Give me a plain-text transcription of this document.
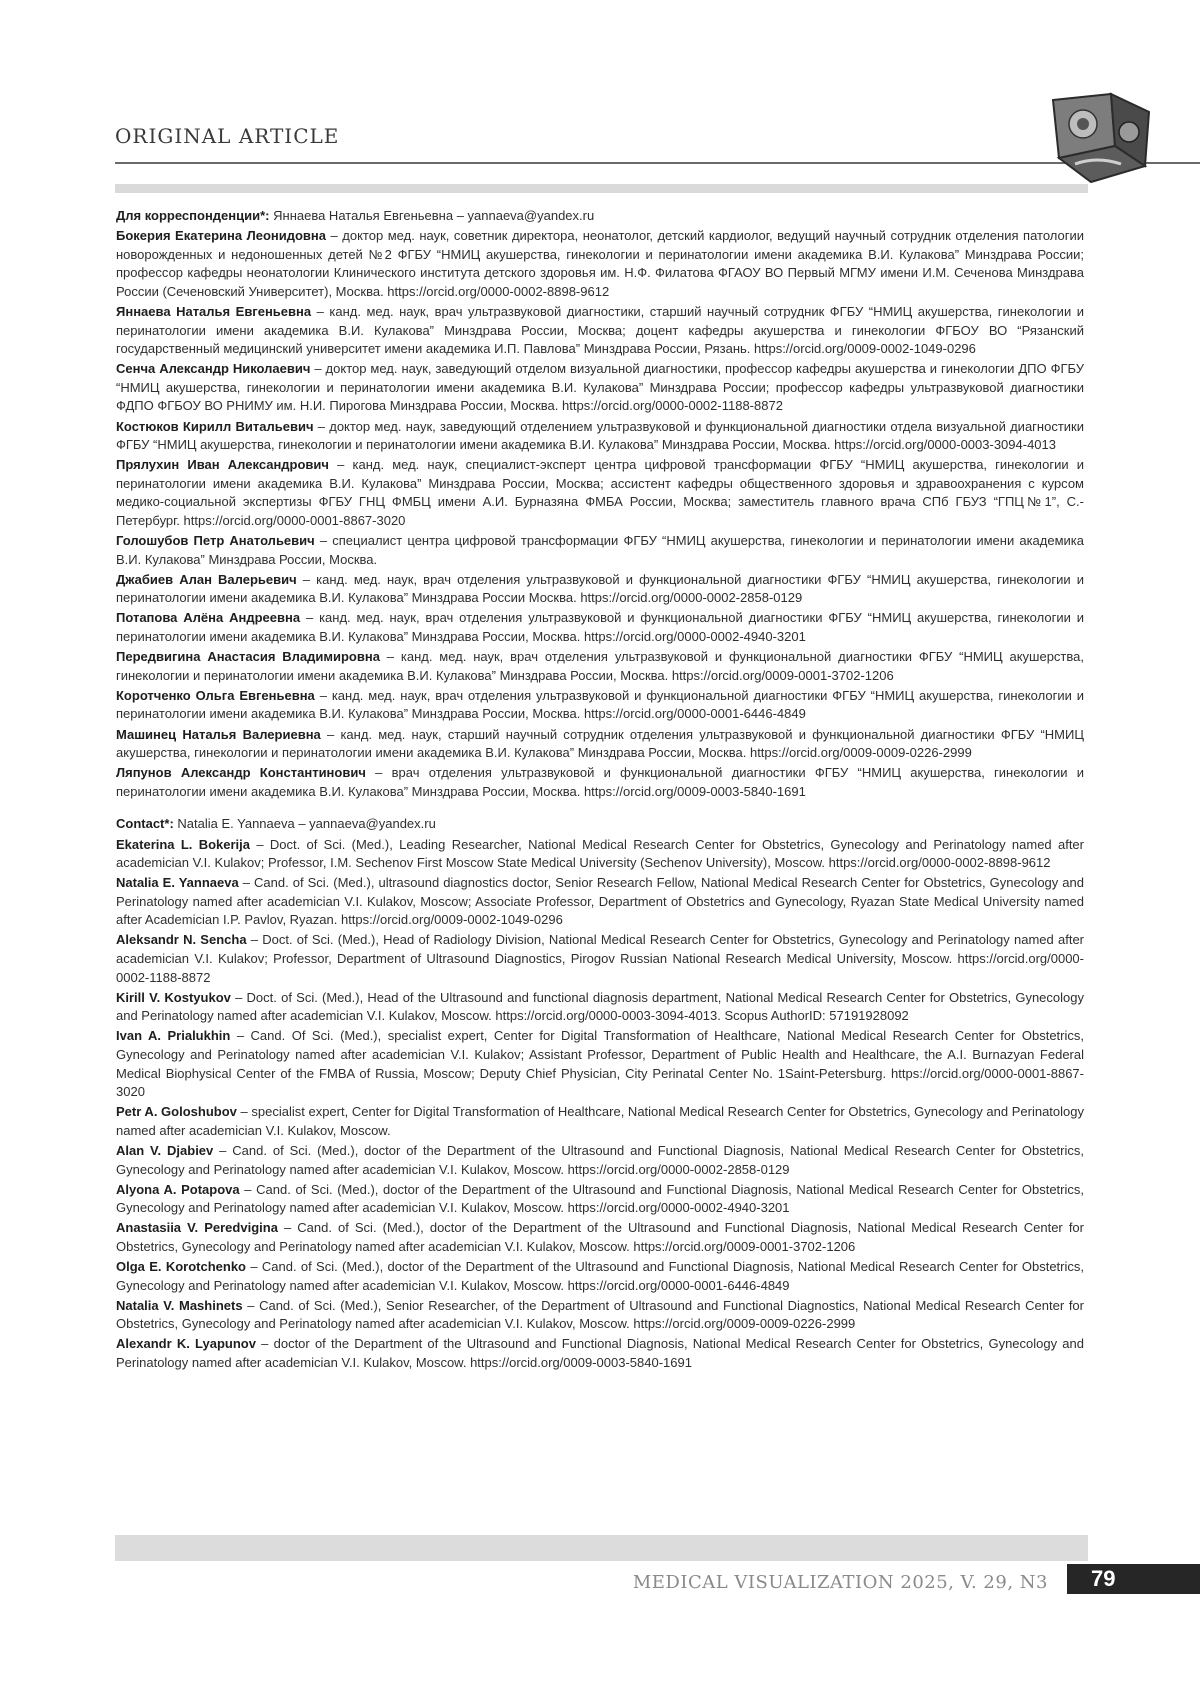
ORIGINAL ARTICLE

Для корреспонденции*: Яннаева Наталья Евгеньевна – yannaeva@yandex.ru

Бокерия Екатерина Леонидовна – доктор мед. наук, советник директора, неонатолог, детский кардиолог, ведущий научный сотрудник отделения патологии новорожденных и недоношенных детей №2 ФГБУ “НМИЦ акушерства, гинекологии и перинатологии имени академика В.И. Кулакова” Минздрава России; профессор кафедры неонатологии Клинического института детского здоровья им. Н.Ф. Филатова ФГАОУ ВО Первый МГМУ имени И.М. Сеченова Минздрава России (Сеченовский Университет), Москва. https://orcid.org/0000-0002-8898-9612

Яннаева Наталья Евгеньевна – канд. мед. наук, врач ультразвуковой диагностики, старший научный сотрудник ФГБУ “НМИЦ акушерства, гинекологии и перинатологии имени академика В.И. Кулакова” Минздрава России, Москва; доцент кафедры акушерства и гинекологии ФГБОУ ВО “Рязанский государственный медицинский университет имени академика И.П. Павлова” Минздрава России, Рязань. https://orcid.org/0009-0002-1049-0296

Сенча Александр Николаевич – доктор мед. наук, заведующий отделом визуальной диагностики, профессор кафедры акушерства и гинекологии ДПО ФГБУ “НМИЦ акушерства, гинекологии и перинатологии имени академика В.И. Кулакова” Минздрава России; профессор кафедры ультразвуковой диагностики ФДПО ФГБОУ ВО РНИМУ им. Н.И. Пирогова Минздрава России, Москва. https://orcid.org/0000-0002-1188-8872

Костюков Кирилл Витальевич – доктор мед. наук, заведующий отделением ультразвуковой и функциональной диагностики отдела визуальной диагностики ФГБУ “НМИЦ акушерства, гинекологии и перинатологии имени академика В.И. Кулакова” Минздрава России, Москва. https://orcid.org/0000-0003-3094-4013

Прялухин Иван Александрович – канд. мед. наук, специалист-эксперт центра цифровой трансформации ФГБУ “НМИЦ акушерства, гинекологии и перинатологии имени академика В.И. Кулакова” Минздрава России, Москва; ассистент кафедры общественного здоровья и здравоохранения с курсом медико-социальной экспертизы ФГБУ ГНЦ ФМБЦ имени А.И. Бурназяна ФМБА России, Москва; заместитель главного врача СПб ГБУЗ “ГПЦ№1”, С.-Петербург. https://orcid.org/0000-0001-8867-3020

Голошубов Петр Анатольевич – специалист центра цифровой трансформации ФГБУ “НМИЦ акушерства, гинекологии и перинатологии имени академика В.И. Кулакова” Минздрава России, Москва.

Джабиев Алан Валерьевич – канд. мед. наук, врач отделения ультразвуковой и функциональной диагностики ФГБУ “НМИЦ акушерства, гинекологии и перинатологии имени академика В.И. Кулакова” Минздрава России Москва. https://orcid.org/0000-0002-2858-0129

Потапова Алёна Андреевна – канд. мед. наук, врач отделения ультразвуковой и функциональной диагностики ФГБУ “НМИЦ акушерства, гинекологии и перинатологии имени академика В.И. Кулакова” Минздрава России, Москва. https://orcid.org/0000-0002-4940-3201

Передвигина Анастасия Владимировна – канд. мед. наук, врач отделения ультразвуковой и функциональной диагностики ФГБУ “НМИЦ акушерства, гинекологии и перинатологии имени академика В.И. Кулакова” Минздрава России, Москва. https://orcid.org/0009-0001-3702-1206

Коротченко Ольга Евгеньевна – канд. мед. наук, врач отделения ультразвуковой и функциональной диагностики ФГБУ “НМИЦ акушерства, гинекологии и перинатологии имени академика В.И. Кулакова” Минздрава России, Москва. https://orcid.org/0000-0001-6446-4849

Машинец Наталья Валериевна – канд. мед. наук, старший научный сотрудник отделения ультразвуковой и функциональной диагностики ФГБУ “НМИЦ акушерства, гинекологии и перинатологии имени академика В.И. Кулакова” Минздрава России, Москва. https://orcid.org/0009-0009-0226-2999

Ляпунов Александр Константинович – врач отделения ультразвуковой и функциональной диагностики ФГБУ “НМИЦ акушерства, гинекологии и перинатологии имени академика В.И. Кулакова” Минздрава России, Москва. https://orcid.org/0009-0003-5840-1691

Contact*: Natalia E. Yannaeva – yannaeva@yandex.ru

Ekaterina L. Bokerija – Doct. of Sci. (Med.), Leading Researcher, National Medical Research Center for Obstetrics, Gynecology and Perinatology named after academician V.I. Kulakov; Professor, I.M. Sechenov First Moscow State Medical University (Sechenov University), Moscow. https://orcid.org/0000-0002-8898-9612

Natalia E. Yannaeva – Cand. of Sci. (Med.), ultrasound diagnostics doctor, Senior Research Fellow, National Medical Research Center for Obstetrics, Gynecology and Perinatology named after academician V.I. Kulakov, Moscow; Associate Professor, Department of Obstetrics and Gynecology, Ryazan State Medical University named after Academician I.P. Pavlov, Ryazan. https://orcid.org/0009-0002-1049-0296

Aleksandr N. Sencha – Doct. of Sci. (Med.), Head of Radiology Division, National Medical Research Center for Obstetrics, Gynecology and Perinatology named after academician V.I. Kulakov; Professor, Department of Ultrasound Diagnostics, Pirogov Russian National Research Medical University, Moscow. https://orcid.org/0000-0002-1188-8872

Kirill V. Kostyukov – Doct. of Sci. (Med.), Head of the Ultrasound and functional diagnosis department, National Medical Research Center for Obstetrics, Gynecology and Perinatology named after academician V.I. Kulakov, Moscow. https://orcid.org/0000-0003-3094-4013. Scopus AuthorID: 57191928092

Ivan A. Prialukhin – Cand. Of Sci. (Med.), specialist expert, Center for Digital Transformation of Healthcare, National Medical Research Center for Obstetrics, Gynecology and Perinatology named after academician V.I. Kulakov; Assistant Professor, Department of Public Health and Healthcare, the A.I. Burnazyan Federal Medical Biophysical Center of the FMBA of Russia, Moscow; Deputy Chief Physician, City Perinatal Center No. 1Saint-Petersburg. https://orcid.org/0000-0001-8867-3020

Petr A. Goloshubov – specialist expert, Center for Digital Transformation of Healthcare, National Medical Research Center for Obstetrics, Gynecology and Perinatology named after academician V.I. Kulakov, Moscow.

Alan V. Djabiev – Cand. of Sci. (Med.), doctor of the Department of the Ultrasound and Functional Diagnosis, National Medical Research Center for Obstetrics, Gynecology and Perinatology named after academician V.I. Kulakov, Moscow. https://orcid.org/0000-0002-2858-0129

Alyona A. Potapova – Cand. of Sci. (Med.), doctor of the Department of the Ultrasound and Functional Diagnosis, National Medical Research Center for Obstetrics, Gynecology and Perinatology named after academician V.I. Kulakov, Moscow. https://orcid.org/0000-0002-4940-3201

Anastasiia V. Peredvigina – Cand. of Sci. (Med.), doctor of the Department of the Ultrasound and Functional Diagnosis, National Medical Research Center for Obstetrics, Gynecology and Perinatology named after academician V.I. Kulakov, Moscow. https://orcid.org/0009-0001-3702-1206

Olga E. Korotchenko – Cand. of Sci. (Med.), doctor of the Department of the Ultrasound and Functional Diagnosis, National Medical Research Center for Obstetrics, Gynecology and Perinatology named after academician V.I. Kulakov, Moscow. https://orcid.org/0000-0001-6446-4849

Natalia V. Mashinets – Cand. of Sci. (Med.), Senior Researcher, of the Department of Ultrasound and Functional Diagnostics, National Medical Research Center for Obstetrics, Gynecology and Perinatology named after academician V.I. Kulakov, Moscow. https://orcid.org/0009-0009-0226-2999

Alexandr K. Lyapunov – doctor of the Department of the Ultrasound and Functional Diagnosis, National Medical Research Center for Obstetrics, Gynecology and Perinatology named after academician V.I. Kulakov, Moscow. https://orcid.org/0009-0003-5840-1691

MEDICAL VISUALIZATION 2025, V. 29, N3	79
